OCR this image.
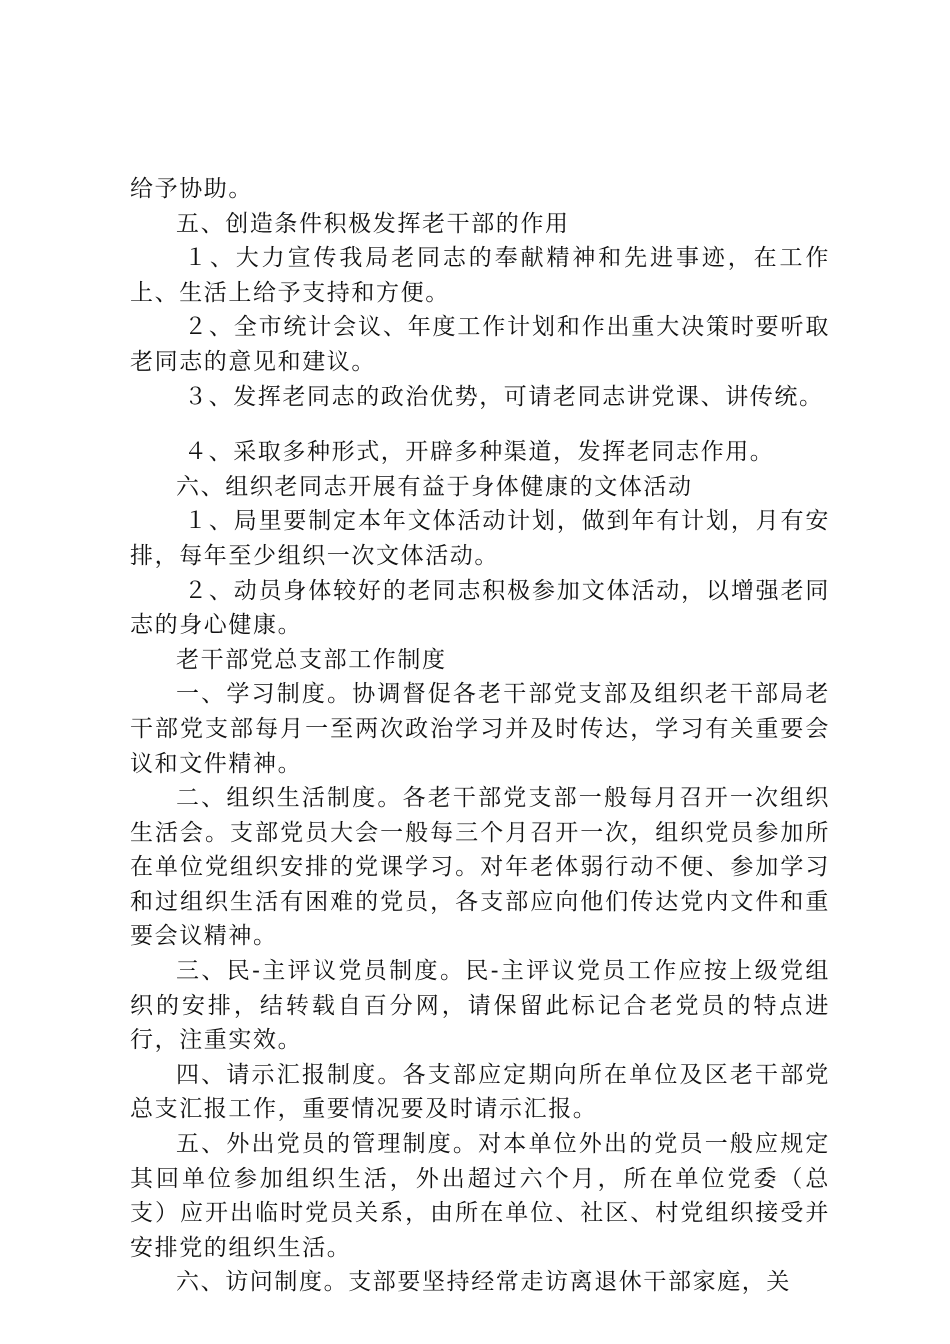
给予协助。

五、创造条件积极发挥老干部的作用

１、大力宣传我局老同志的奉献精神和先进事迹，在工作上、生活上给予支持和方便。

２、全市统计会议、年度工作计划和作出重大决策时要听取老同志的意见和建议。

３、发挥老同志的政治优势，可请老同志讲党课、讲传统。

４、采取多种形式，开辟多种渠道，发挥老同志作用。

六、组织老同志开展有益于身体健康的文体活动

１、局里要制定本年文体活动计划，做到年有计划，月有安排，每年至少组织一次文体活动。

２、动员身体较好的老同志积极参加文体活动，以增强老同志的身心健康。

老干部党总支部工作制度

一、学习制度。协调督促各老干部党支部及组织老干部局老干部党支部每月一至两次政治学习并及时传达，学习有关重要会议和文件精神。

二、组织生活制度。各老干部党支部一般每月召开一次组织生活会。支部党员大会一般每三个月召开一次，组织党员参加所在单位党组织安排的党课学习。对年老体弱行动不便、参加学习和过组织生活有困难的党员，各支部应向他们传达党内文件和重要会议精神。

三、民-主评议党员制度。民-主评议党员工作应按上级党组织的安排，结转载自百分网，请保留此标记合老党员的特点进行，注重实效。

四、请示汇报制度。各支部应定期向所在单位及区老干部党总支汇报工作，重要情况要及时请示汇报。

五、外出党员的管理制度。对本单位外出的党员一般应规定其回单位参加组织生活，外出超过六个月，所在单位党委（总支）应开出临时党员关系，由所在单位、社区、村党组织接受并安排党的组织生活。

六、访问制度。支部要坚持经常走访离退休干部家庭，关
